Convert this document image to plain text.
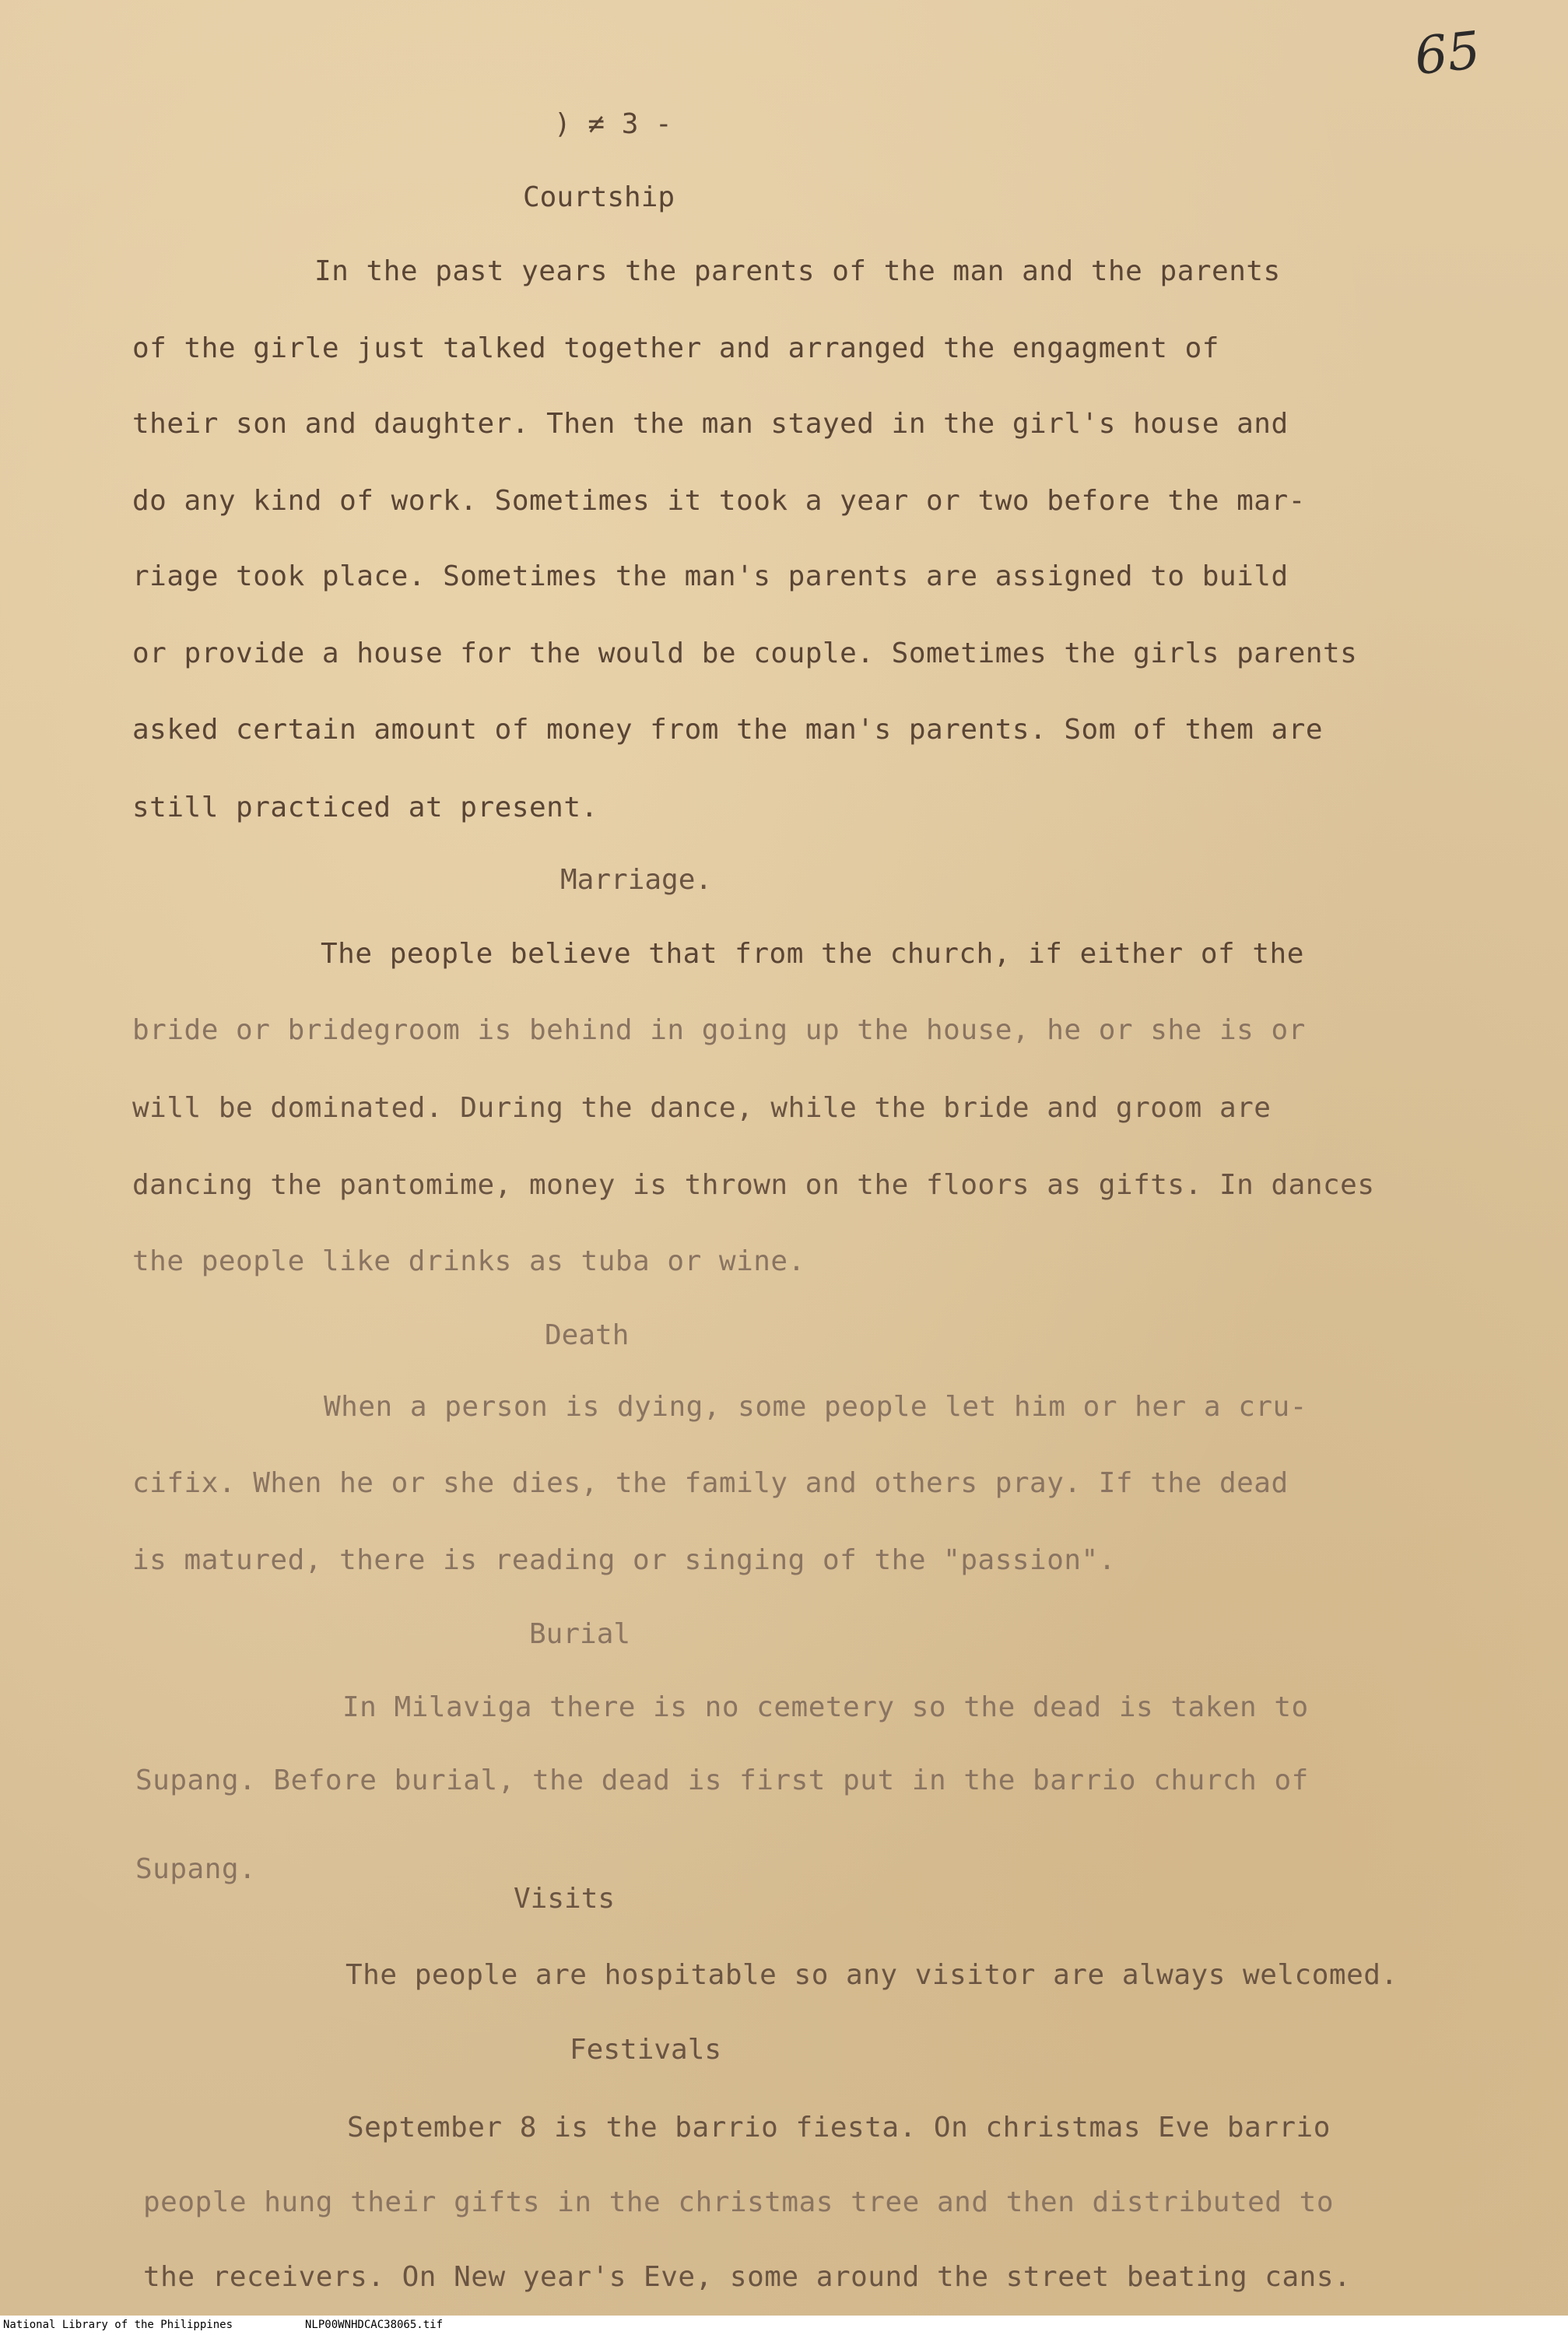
65
) ≠ 3 -
Courtship
In the past years the parents of the man and the parents
of the girle just talked together and arranged the engagment of
their son and daughter. Then the man stayed in the girl's house and
do any kind of work. Sometimes it took a year or two before the mar-
riage took place. Sometimes the man's parents are assigned to build
or provide a house for the would be couple. Sometimes the girls parents
asked certain amount of money from the man's parents. Som of them are
still practiced at present.
Marriage.
The people believe that from the church, if either of the
bride or bridegroom is behind in going up the house, he or she is or
will be dominated. During the dance, while the bride and groom are
dancing the pantomime, money is thrown on the floors as gifts. In dances
the people like drinks as tuba or wine.
Death
When a person is dying, some people let him or her a cru-
cifix. When he or she dies, the family and others pray. If the dead
is matured, there is reading or singing of the "passion".
Burial
In Milaviga there is no cemetery so the dead is taken to
Supang. Before burial, the dead is first put in the barrio church of
Supang.
Visits
The people are hospitable so any visitor are always welcomed.
Festivals
September 8 is the barrio fiesta. On christmas Eve barrio
people hung their gifts in the christmas tree and then distributed to
the receivers. On New year's Eve, some around the street beating cans.
National Library of the Philippines	NLP00WNHDCAC38065.tif
